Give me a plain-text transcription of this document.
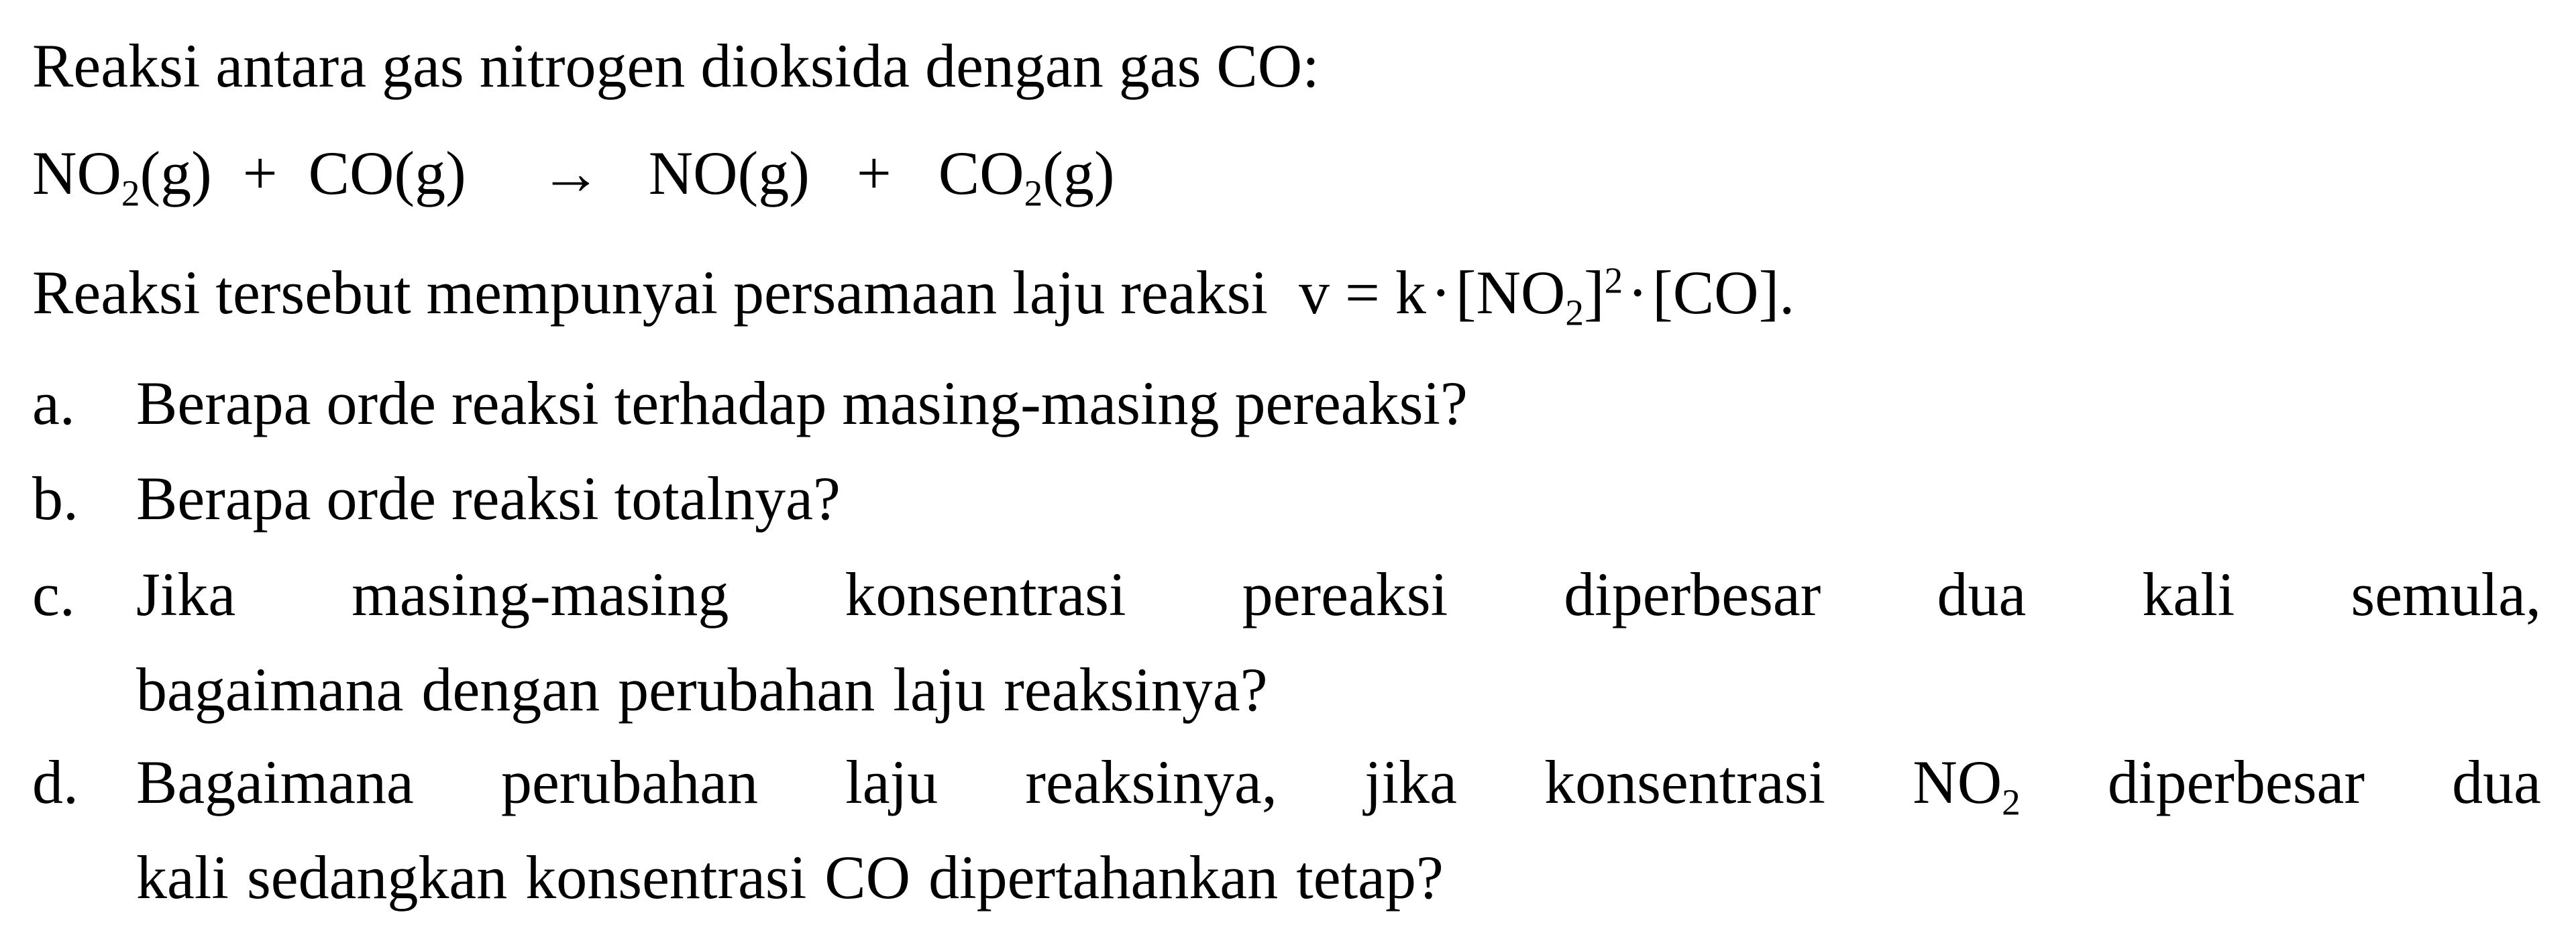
Reaksi antara gas nitrogen dioksida dengan gas CO:
$NO_2(g) + CO(g) \to NO(g) + CO_2(g)$
Reaksi tersebut mempunyai persamaan laju reaksi $v = k\cdot[NO_2]^2\cdot[CO]$.
a. Berapa orde reaksi terhadap masing-masing pereaksi?
b. Berapa orde reaksi totalnya?
c. Jika masing-masing konsentrasi pereaksi diperbesar dua kali semula,
bagaimana dengan perubahan laju reaksinya?
d. Bagaimana perubahan laju reaksinya, jika konsentrasi $NO_2$ diperbesar dua
kali sedangkan konsentrasi CO dipertahankan tetap?
